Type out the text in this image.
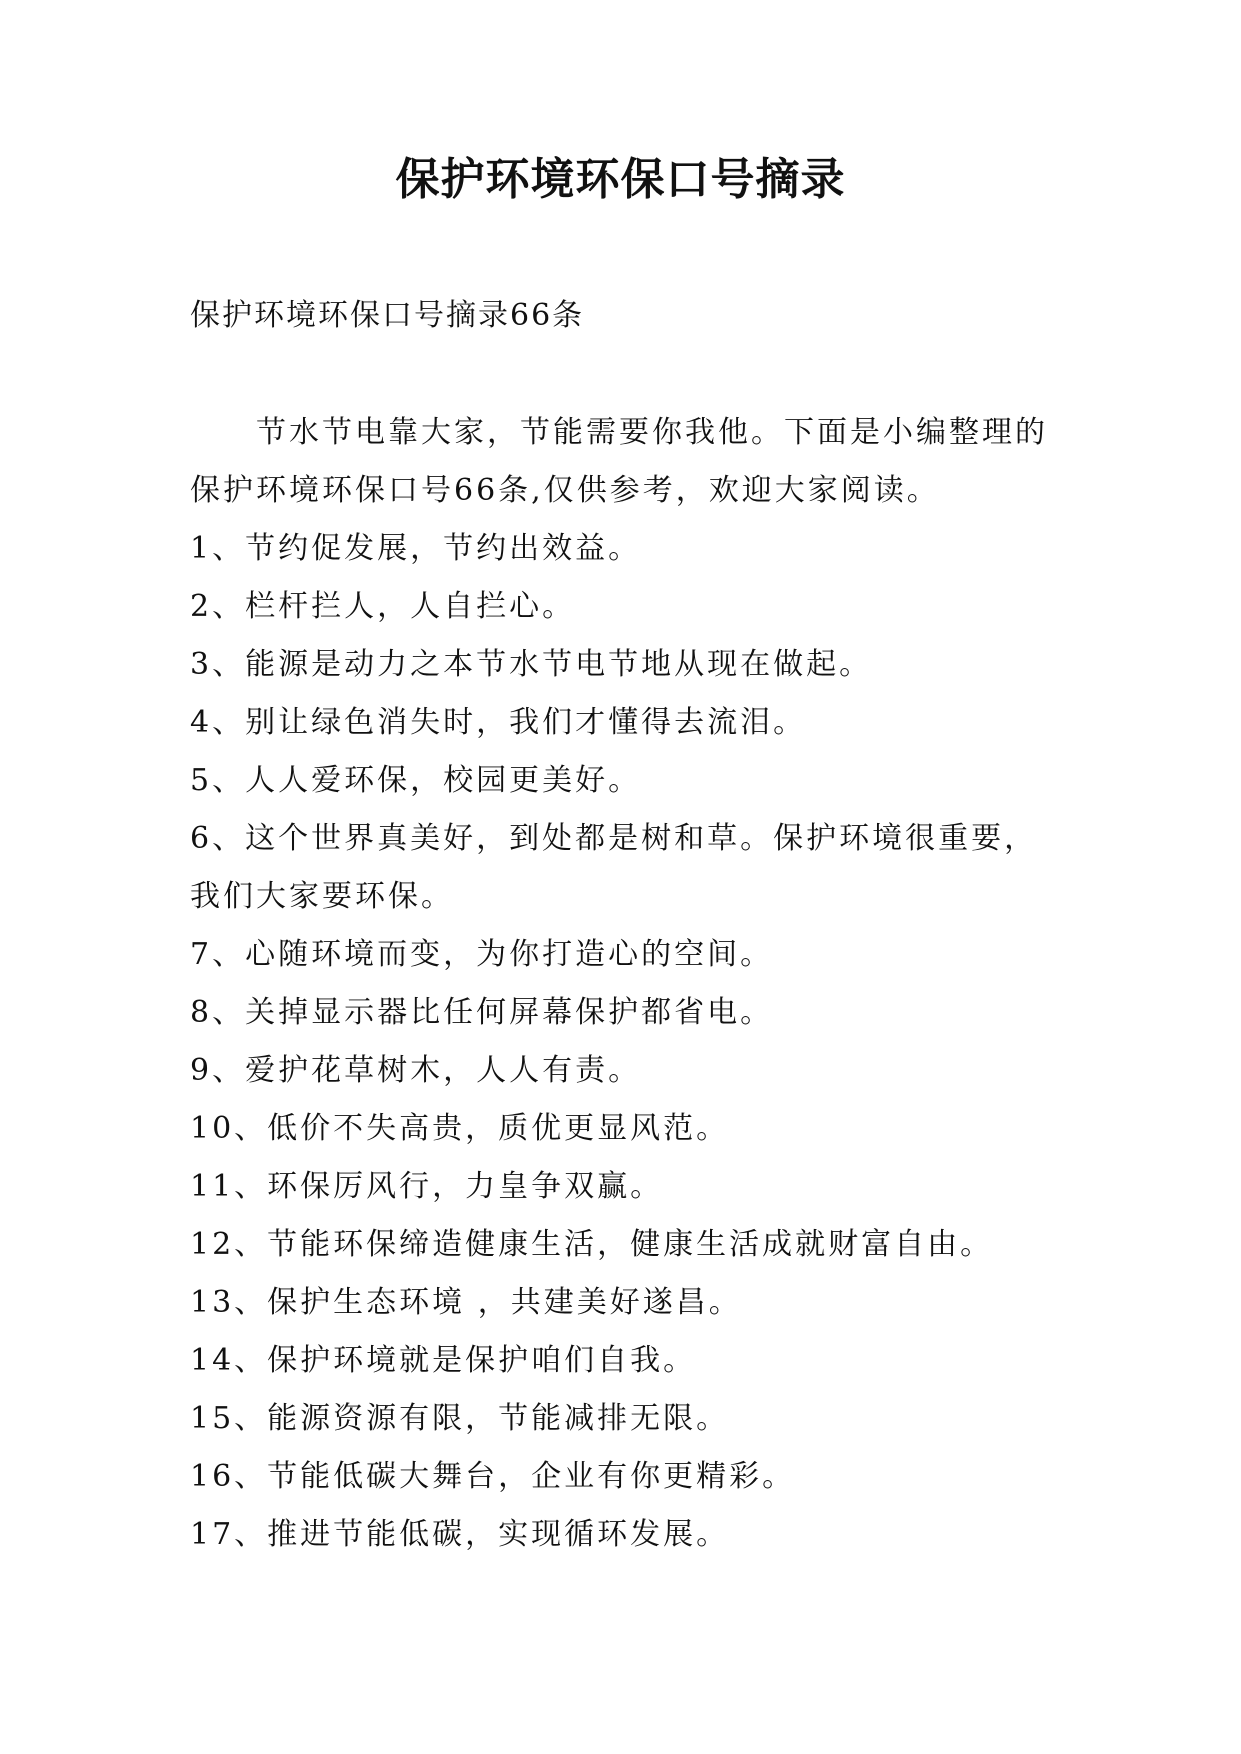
保护环境环保口号摘录
保护环境环保口号摘录66条
节水节电靠大家，节能需要你我他。下面是小编整理的
保护环境环保口号66条,仅供参考，欢迎大家阅读。
1、节约促发展，节约出效益。
2、栏杆拦人，人自拦心。
3、能源是动力之本节水节电节地从现在做起。
4、别让绿色消失时，我们才懂得去流泪。
5、人人爱环保，校园更美好。
6、这个世界真美好，到处都是树和草。保护环境很重要，
我们大家要环保。
7、心随环境而变，为你打造心的空间。
8、关掉显示器比任何屏幕保护都省电。
9、爱护花草树木，人人有责。
10、低价不失高贵，质优更显风范。
11、环保厉风行，力皇争双赢。
12、节能环保缔造健康生活，健康生活成就财富自由。
13、保护生态环境 ，共建美好遂昌。
14、保护环境就是保护咱们自我。
15、能源资源有限，节能减排无限。
16、节能低碳大舞台，企业有你更精彩。
17、推进节能低碳，实现循环发展。
